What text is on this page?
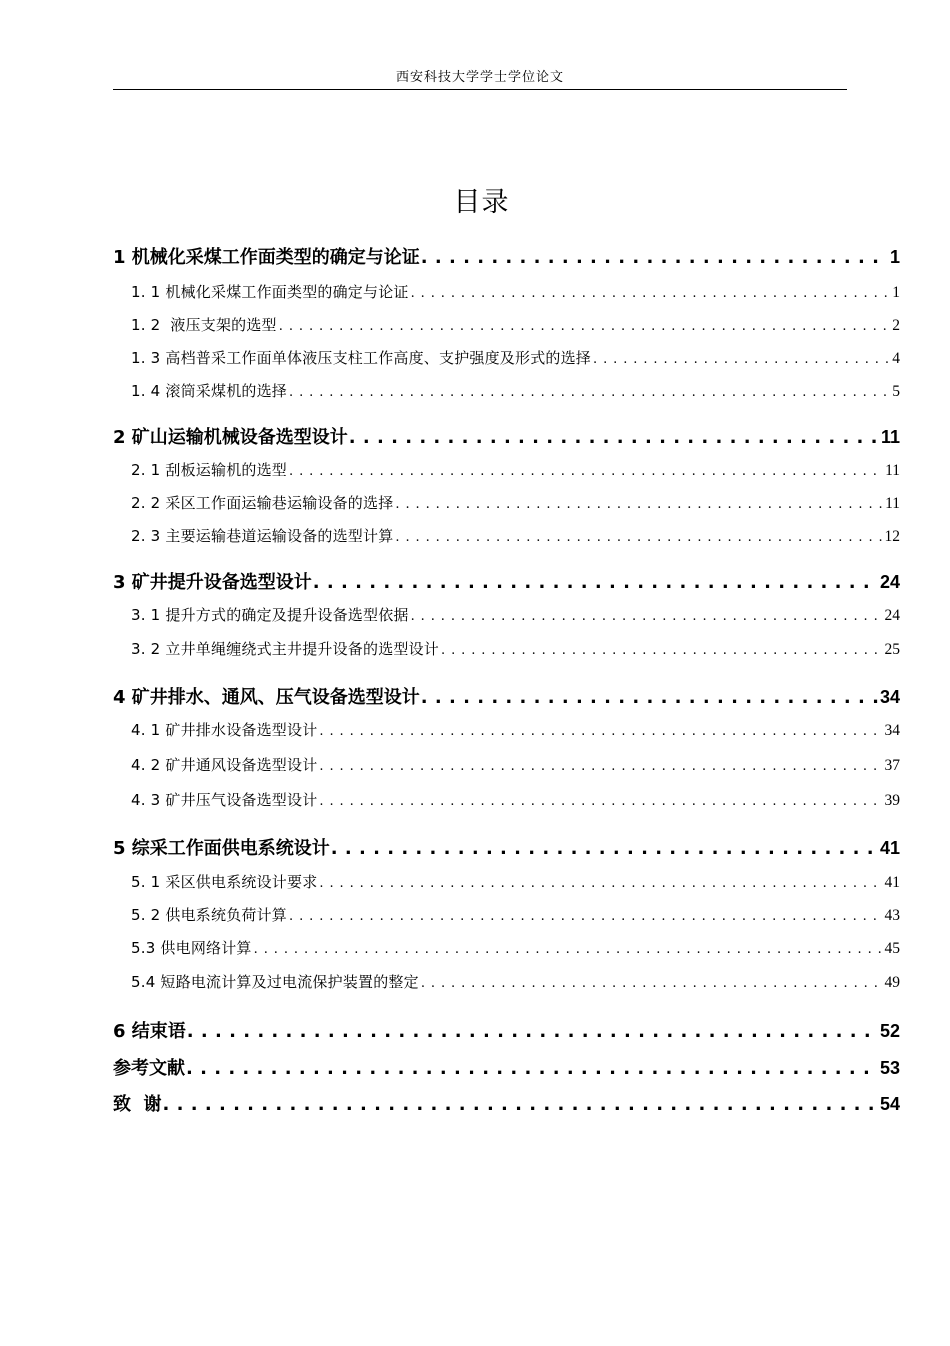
西安科技大学学士学位论文
目录
1 机械化采煤工作面类型的确定与论证 . . .	1
1. 1 机械化采煤工作面类型的确定与论证 . . .	1
1. 2  液压支架的选型 . . .	2
1. 3 高档普采工作面单体液压支柱工作高度、支护强度及形式的选择 . . .	4
1. 4 滚筒采煤机的选择 . . .	5
2 矿山运输机械设备选型设计 . . .	11
2. 1 刮板运输机的选型 . . .	11
2. 2 采区工作面运输巷运输设备的选择 . . .	11
2. 3 主要运输巷道运输设备的选型计算 . . .	12
3 矿井提升设备选型设计 . . .	24
3. 1 提升方式的确定及提升设备选型依据 . . .	24
3. 2 立井单绳缠绕式主井提升设备的选型设计 . . .	25
4 矿井排水、通风、压气设备选型设计 . . .	34
4. 1 矿井排水设备选型设计 . . .	34
4. 2 矿井通风设备选型设计 . . .	37
4. 3 矿井压气设备选型设计 . . .	39
5 综采工作面供电系统设计 . . .	41
5. 1 采区供电系统设计要求 . . .	41
5. 2 供电系统负荷计算 . . .	43
5.3 供电网络计算 . . .	45
5.4 短路电流计算及过电流保护装置的整定 . . .	49
6 结束语 . . .	52
参考文献 . . .	53
致  谢 . . .	54
